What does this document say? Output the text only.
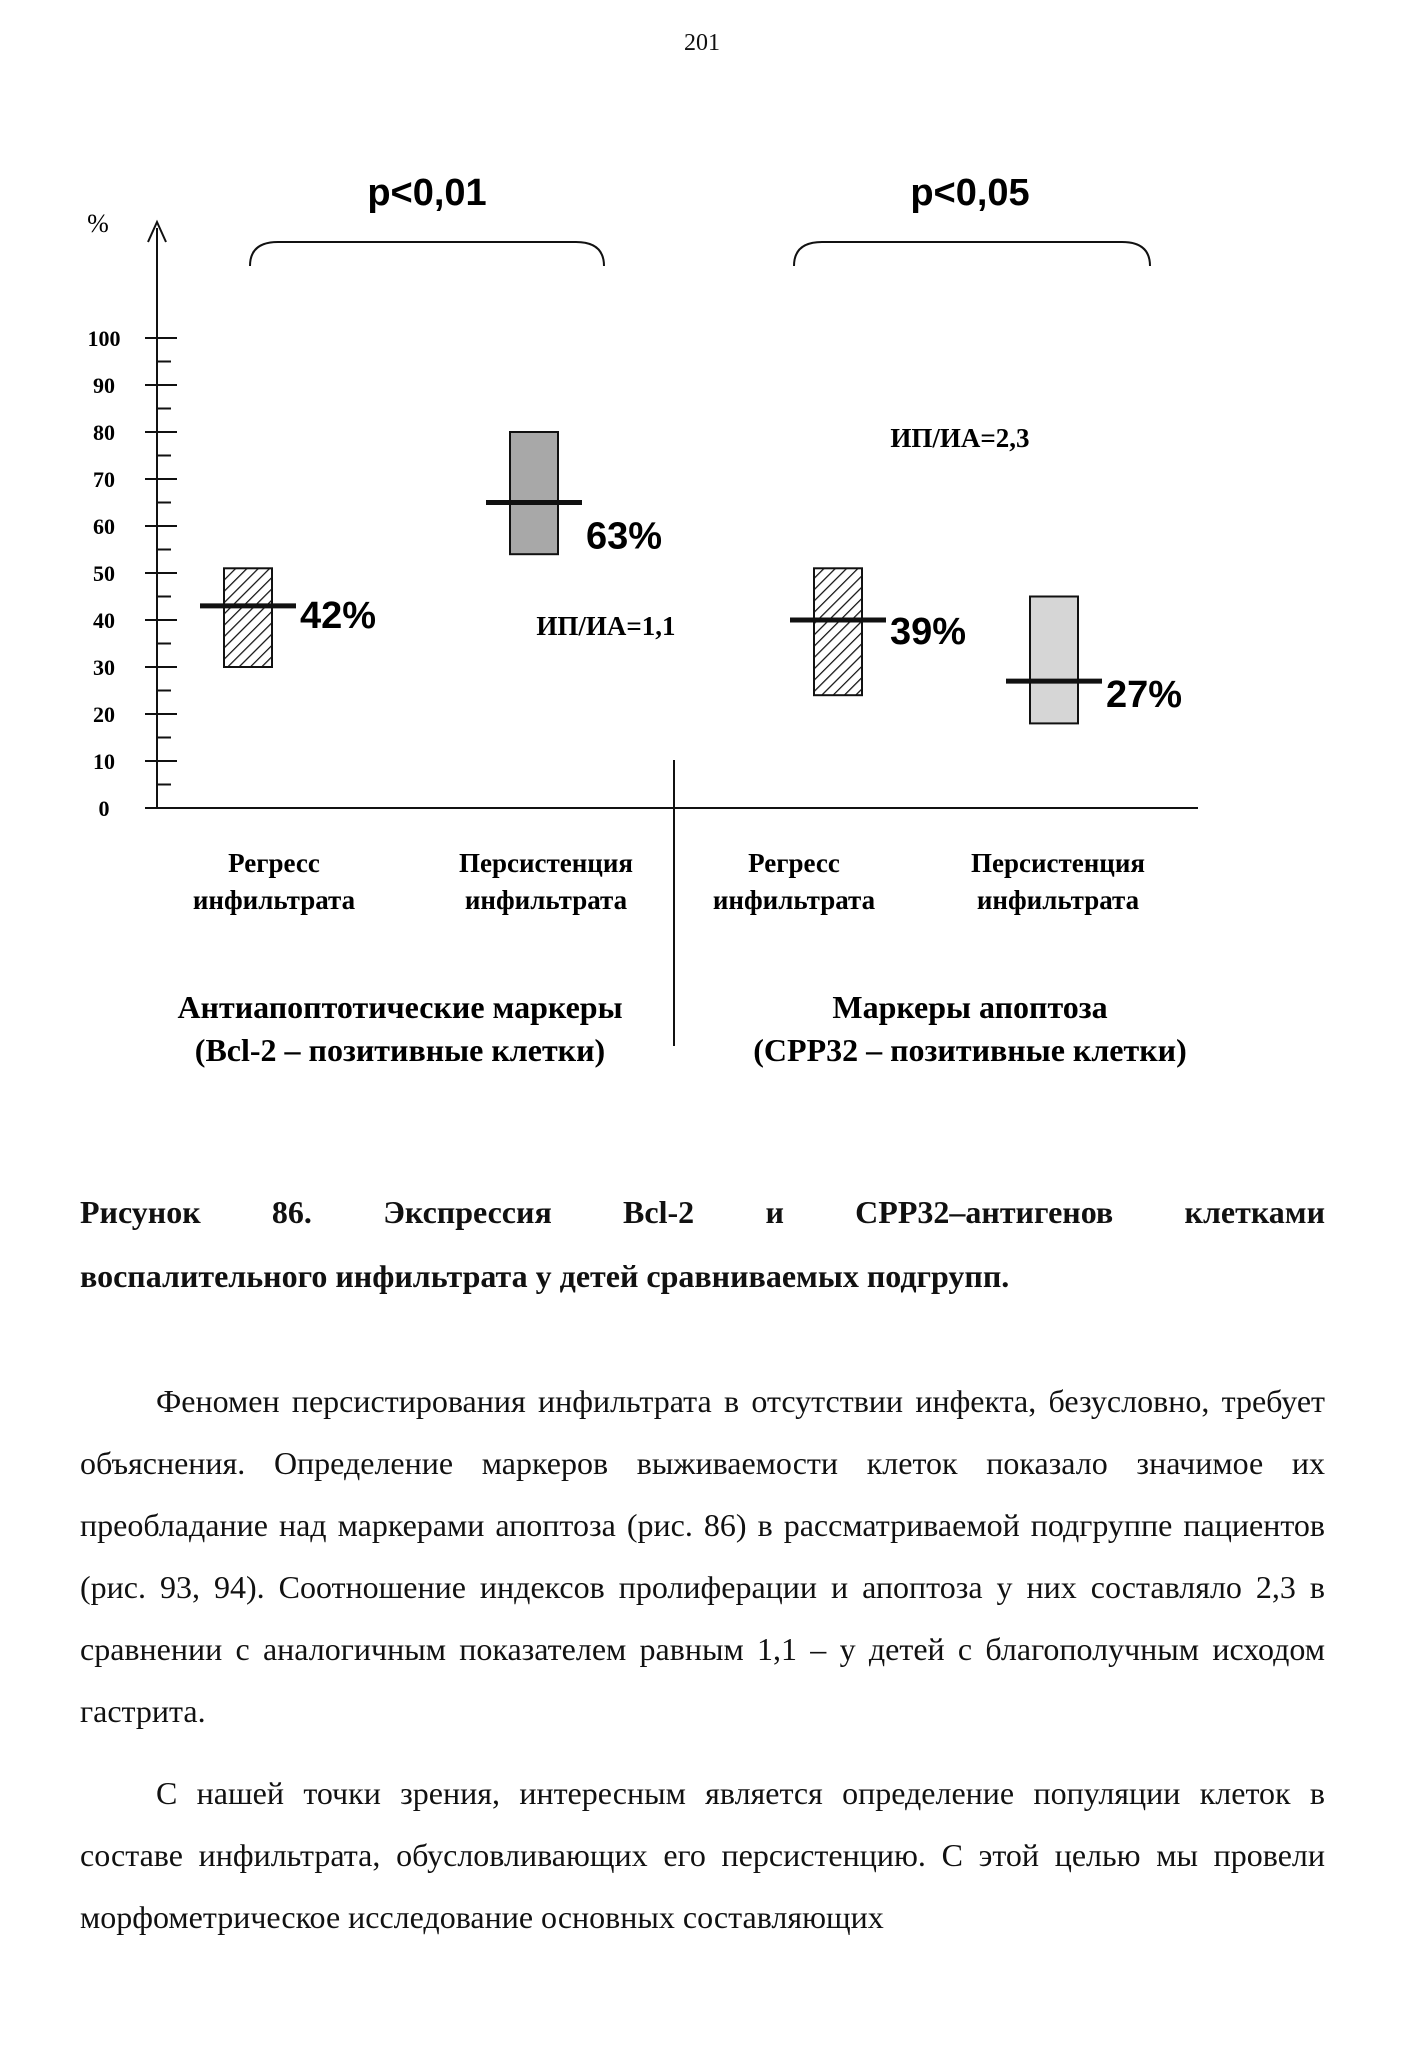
201
%
0
10
20
30
40
50
60
70
80
90
100
42%
63%
39%
27%
Регресс
инфильтрата
Персистенция
инфильтрата
Регресс
инфильтрата
Персистенция
инфильтрата
Антиапоптотические маркеры
(Bcl-2 – позитивные клетки)
Маркеры апоптоза
(СРР32 – позитивные клетки)
p<0,01	p<0,05
ИП/ИА=1,1
ИП/ИА=2,3
Рисунок 86. Экспрессия Bcl-2 и СРР32–антигенов клетками
воспалительного инфильтрата у детей сравниваемых подгрупп.

Феномен персистирования инфильтрата в отсутствии инфекта, безусловно, требует объяснения. Определение маркеров выживаемости клеток показало значимое их преобладание над маркерами апоптоза (рис. 86) в рассматриваемой подгруппе пациентов (рис. 93, 94). Соотношение индексов пролиферации и апоптоза у них составляло 2,3 в сравнении с аналогичным показателем равным 1,1 – у детей с благополучным исходом гастрита.

С нашей точки зрения, интересным является определение популяции клеток в составе инфильтрата, обусловливающих его персистенцию. С этой целью мы провели морфометрическое исследование основных составляющих
